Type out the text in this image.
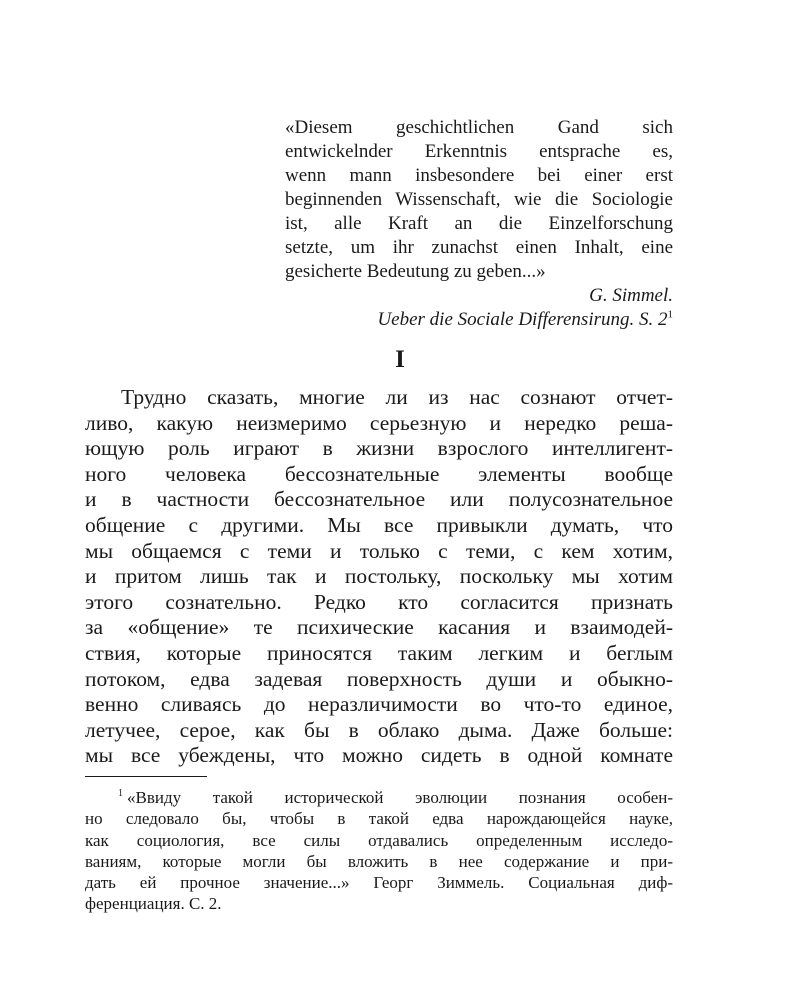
«Diesem geschichtlichen Gand sich
entwickelnder Erkenntnis entsprache es,
wenn mann insbesondere bei einer erst
beginnenden Wissenschaft, wie die Sociologie
ist, alle Kraft an die Einzelforschung
setzte, um ihr zunachst einen Inhalt, eine
gesicherte Bedeutung zu geben...»
G. Simmel.
Ueber die Sociale Differensirung. S. $2^1$
I
Трудно сказать, многие ли из нас сознают отчет-
ливо, какую неизмеримо серьезную и нередко реша-
ющую роль играют в жизни взрослого интеллигент-
ного человека бессознательные элементы вообще
и в частности бессознательное или полусознательное
общение с другими. Мы все привыкли думать, что
мы общаемся с теми и только с теми, с кем хотим,
и притом лишь так и постольку, поскольку мы хотим
этого сознательно. Редко кто согласится признать
за «общение» те психические касания и взаимодей-
ствия, которые приносятся таким легким и беглым
потоком, едва задевая поверхность души и обыкно-
венно сливаясь до неразличимости во что-то единое,
летучее, серое, как бы в облако дыма. Даже больше:
мы все убеждены, что можно сидеть в одной комнате
$^1$ «Ввиду такой исторической эволюции познания особен-
но следовало бы, чтобы в такой едва нарождающейся науке,
как социология, все силы отдавались определенным исследо-
ваниям, которые могли бы вложить в нее содержание и при-
дать ей прочное значение...» Георг Зиммель. Социальная диф-
ференциация. С. 2.
